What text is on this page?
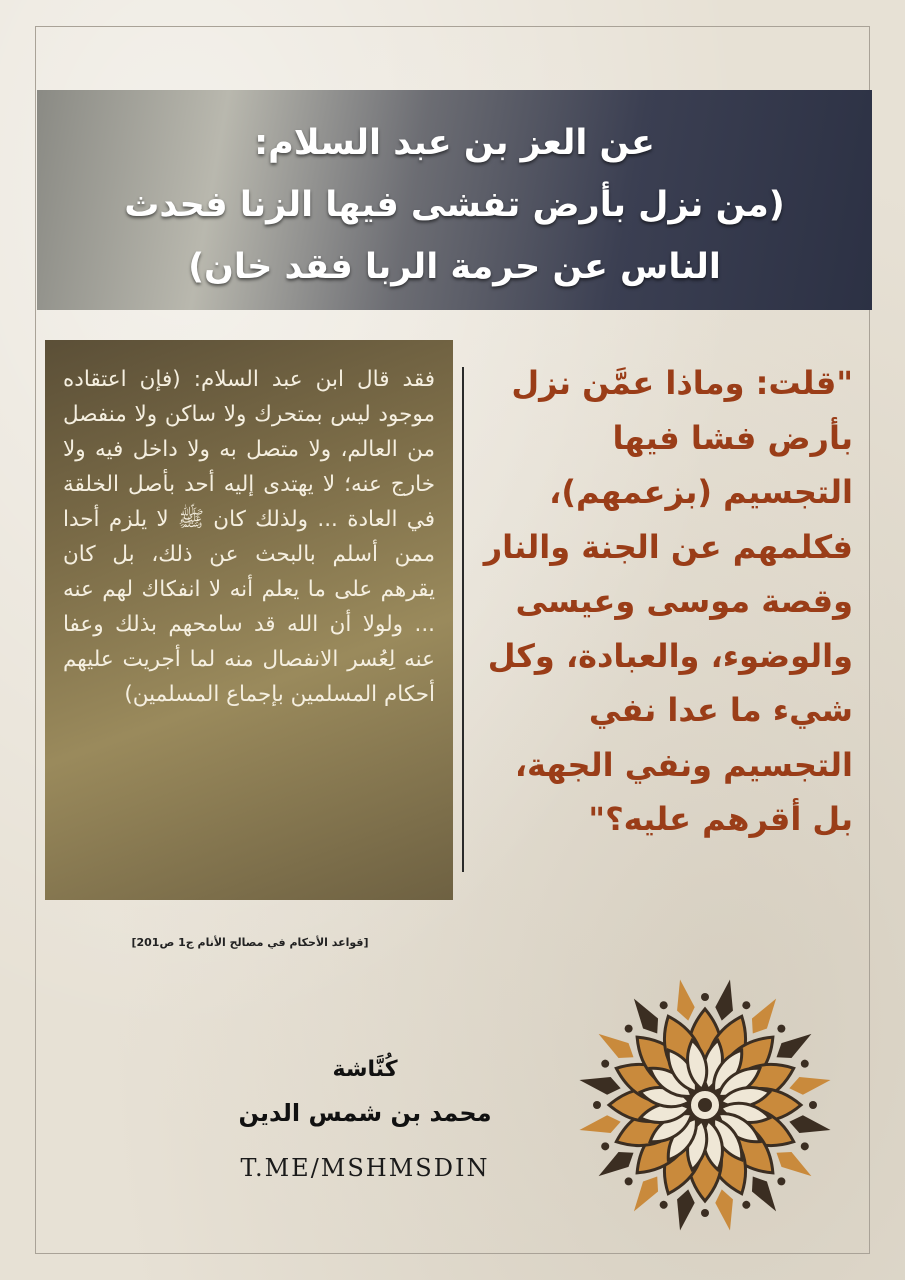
عن العز بن عبد السلام:
(من نزل بأرض تفشى فيها الزنا فحدث
الناس عن حرمة الربا فقد خان)
فقد قال ابن عبد السلام: (فإن اعتقاده موجود ليس بمتحرك ولا ساكن ولا منفصل من العالم، ولا متصل به ولا داخل فيه ولا خارج عنه؛ لا يهتدى إليه أحد بأصل الخلقة في العادة ... ولذلك كان ﷺ لا يلزم أحدا ممن أسلم بالبحث عن ذلك، بل كان يقرهم على ما يعلم أنه لا انفكاك لهم عنه ... ولولا أن الله قد سامحهم بذلك وعفا عنه لِعُسر الانفصال منه لما أجريت عليهم أحكام المسلمين بإجماع المسلمين)
"قلت: وماذا عمَّن نزل بأرض فشا فيها التجسيم (بزعمهم)، فكلمهم عن الجنة والنار وقصة موسى وعيسى والوضوء، والعبادة، وكل شيء ما عدا نفي التجسيم ونفي الجهة، بل أقرهم عليه؟"
[قواعد الأحكام في مصالح الأنام ج1 ص201]
كُنَّاشة
محمد بن شمس الدين
T.ME/MSHMSDIN
